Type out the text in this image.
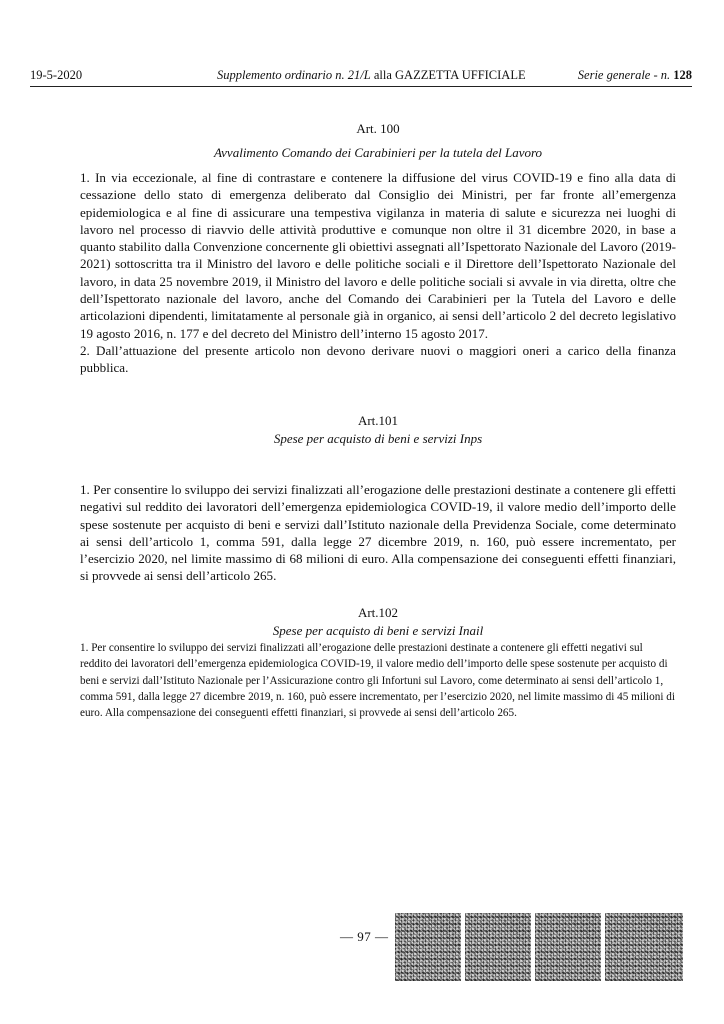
19-5-2020	Supplemento ordinario n. 21/L alla GAZZETTA UFFICIALE	Serie generale - n. 128
Art. 100
Avvalimento Comando dei Carabinieri per la tutela del Lavoro

1. In via eccezionale, al fine di contrastare e contenere la diffusione del virus COVID-19 e fino alla data di cessazione dello stato di emergenza deliberato dal Consiglio dei Ministri, per far fronte all’emergenza epidemiologica e al fine di assicurare una tempestiva vigilanza in materia di salute e sicurezza nei luoghi di lavoro nel processo di riavvio delle attività produttive e comunque non oltre il 31 dicembre 2020, in base a quanto stabilito dalla Convenzione concernente gli obiettivi assegnati all’Ispettorato Nazionale del Lavoro (2019-2021) sottoscritta tra il Ministro del lavoro e delle politiche sociali e il Direttore dell’Ispettorato Nazionale del lavoro, in data 25 novembre 2019, il Ministro del lavoro e delle politiche sociali si avvale in via diretta, oltre che dell’Ispettorato nazionale del lavoro, anche del Comando dei Carabinieri per la Tutela del Lavoro e delle articolazioni dipendenti, limitatamente al personale già in organico, ai sensi dell’articolo 2 del decreto legislativo 19 agosto 2016, n. 177 e del decreto del Ministro dell’interno 15 agosto 2017.

2. Dall’attuazione del presente articolo non devono derivare nuovi o maggiori oneri a carico della finanza pubblica.

Art.101
Spese per acquisto di beni e servizi Inps

1. Per consentire lo sviluppo dei servizi finalizzati all’erogazione delle prestazioni destinate a contenere gli effetti negativi sul reddito dei lavoratori dell’emergenza epidemiologica COVID-19, il valore medio dell’importo delle spese sostenute per acquisto di beni e servizi dall’Istituto nazionale della Previdenza Sociale, come determinato ai sensi dell’articolo 1, comma 591, dalla legge 27 dicembre 2019, n. 160, può essere incrementato, per l’esercizio 2020, nel limite massimo di 68 milioni di euro. Alla compensazione dei conseguenti effetti finanziari, si provvede ai sensi dell’articolo 265.

Art.102
Spese per acquisto di beni e servizi Inail

1. Per consentire lo sviluppo dei servizi finalizzati all’erogazione delle prestazioni destinate a contenere gli effetti negativi sul reddito dei lavoratori dell’emergenza epidemiologica COVID-19, il valore medio dell’importo delle spese sostenute per acquisto di beni e servizi dall’Istituto Nazionale per l’Assicurazione contro gli Infortuni sul Lavoro, come determinato ai sensi dell’articolo 1, comma 591, dalla legge 27 dicembre 2019, n. 160, può essere incrementato, per l’esercizio 2020, nel limite massimo di 45 milioni di euro. Alla compensazione dei conseguenti effetti finanziari, si provvede ai sensi dell’articolo 265.

— 97 —
